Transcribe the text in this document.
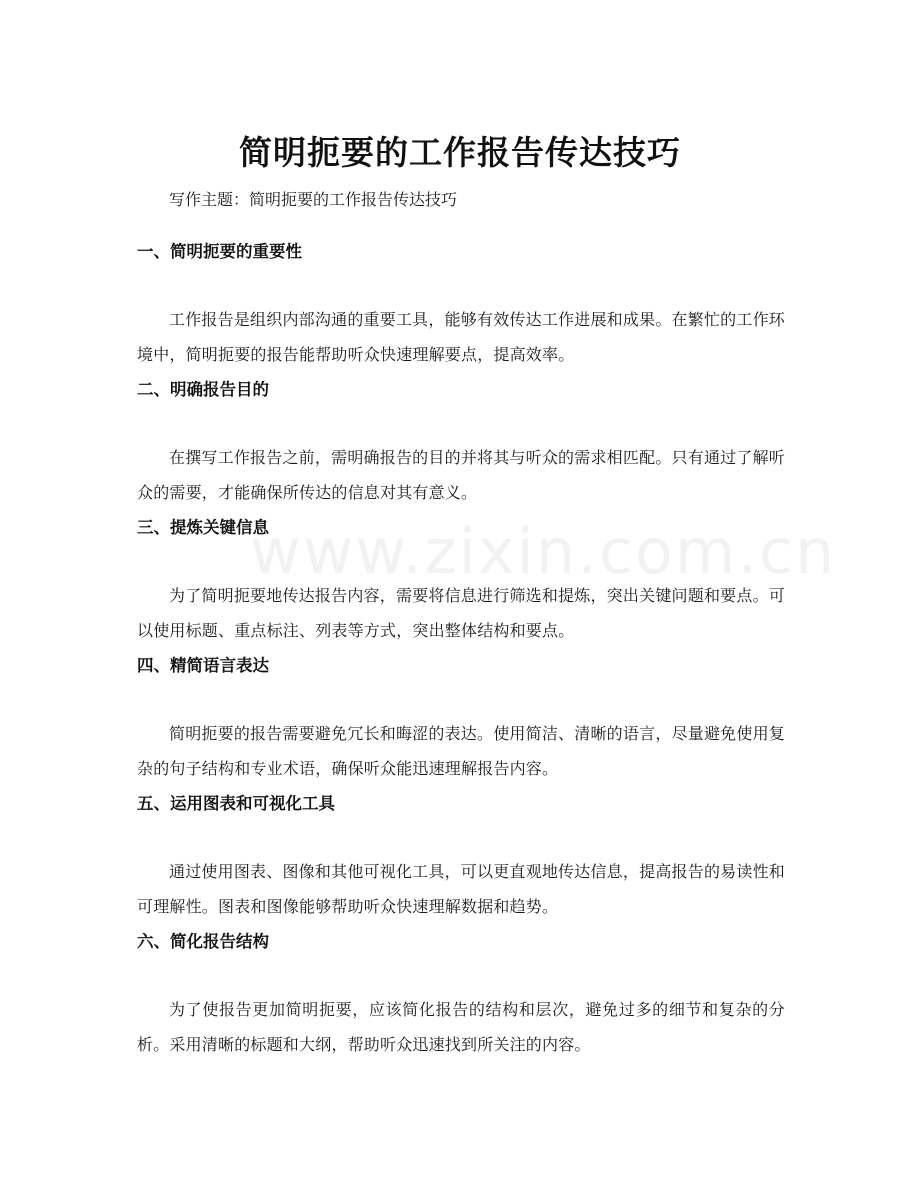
www.zixin.com.cn
简明扼要的工作报告传达技巧
写作主题：简明扼要的工作报告传达技巧
一、简明扼要的重要性

工作报告是组织内部沟通的重要工具，能够有效传达工作进展和成果。在繁忙的工作环境中，简明扼要的报告能帮助听众快速理解要点，提高效率。

二、明确报告目的

在撰写工作报告之前，需明确报告的目的并将其与听众的需求相匹配。只有通过了解听众的需要，才能确保所传达的信息对其有意义。

三、提炼关键信息

为了简明扼要地传达报告内容，需要将信息进行筛选和提炼，突出关键问题和要点。可以使用标题、重点标注、列表等方式，突出整体结构和要点。

四、精简语言表达

简明扼要的报告需要避免冗长和晦涩的表达。使用简洁、清晰的语言，尽量避免使用复杂的句子结构和专业术语，确保听众能迅速理解报告内容。

五、运用图表和可视化工具

通过使用图表、图像和其他可视化工具，可以更直观地传达信息，提高报告的易读性和可理解性。图表和图像能够帮助听众快速理解数据和趋势。

六、简化报告结构

为了使报告更加简明扼要，应该简化报告的结构和层次，避免过多的细节和复杂的分析。采用清晰的标题和大纲，帮助听众迅速找到所关注的内容。
